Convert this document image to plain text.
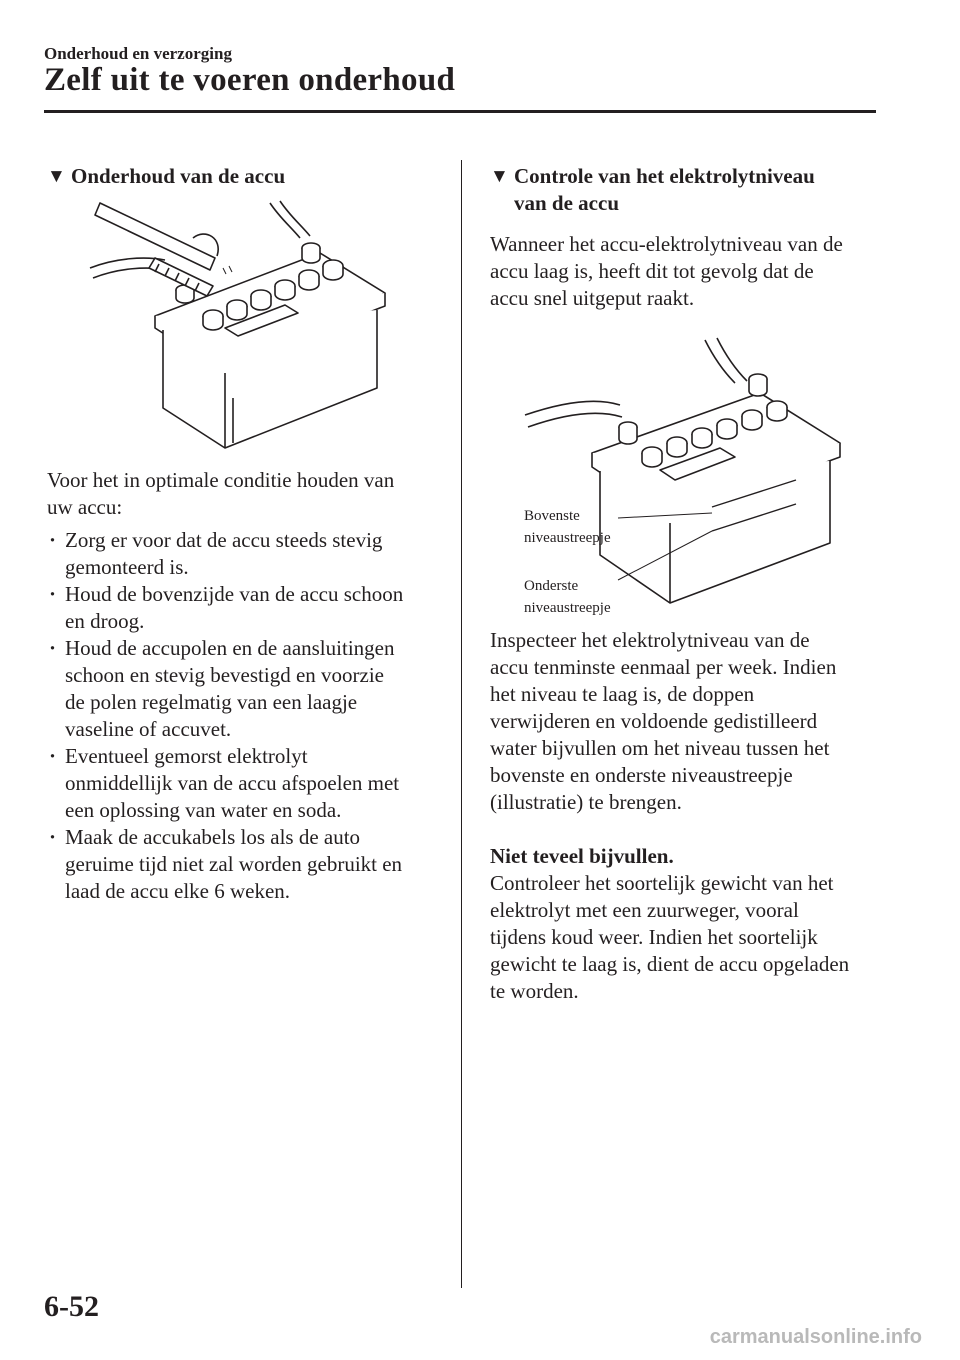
Onderhoud en verzorging
Zelf uit te voeren onderhoud
▼ Onderhoud van de accu

Voor het in optimale conditie houden van

uw accu:

· Zorg er voor dat de accu steeds stevig

gemonteerd is.

· Houd de bovenzijde van de accu schoon

en droog.

· Houd de accupolen en de aansluitingen

schoon en stevig bevestigd en voorzie

de polen regelmatig van een laagje

vaseline of accuvet.

· Eventueel gemorst elektrolyt

onmiddellijk van de accu afspoelen met

een oplossing van water en soda.

· Maak de accukabels los als de auto

geruime tijd niet zal worden gebruikt en

laad de accu elke 6 weken.

▼ Controle van het elektrolytniveau

van de accu

Wanneer het accu-elektrolytniveau van de

accu laag is, heeft dit tot gevolg dat de

accu snel uitgeput raakt.

Bovenste
niveaustreepje
Onderste
niveaustreepje

Inspecteer het elektrolytniveau van de

accu tenminste eenmaal per week. Indien

het niveau te laag is, de doppen

verwijderen en voldoende gedistilleerd

water bijvullen om het niveau tussen het

bovenste en onderste niveaustreepje

(illustratie) te brengen.

Niet teveel bijvullen.

Controleer het soortelijk gewicht van het

elektrolyt met een zuurweger, vooral

tijdens koud weer. Indien het soortelijk

gewicht te laag is, dient de accu opgeladen

te worden.

6-52
carmanualsonline.info
